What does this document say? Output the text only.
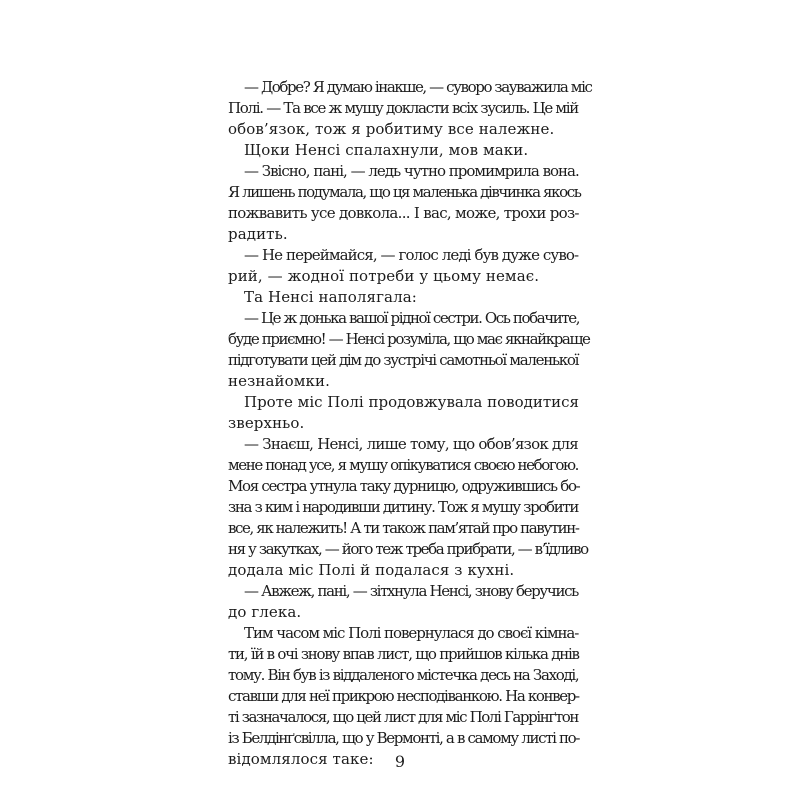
— Добре? Я думаю інакше, — суворо зауважила міс
Полі. — Та все ж мушу докласти всіх зусиль. Це мій
обов’язок, тож я робитиму все належне.
Щоки Ненсі спалахнули, мов маки.
— Звісно, пані, — ледь чутно промимрила вона.
Я лишень подумала, що ця маленька дівчинка якось
пожвавить усе довкола... І вас, може, трохи роз-
радить.
— Не переймайся, — голос леді був дуже суво-
рий, — жодної потреби у цьому немає.
Та Ненсі наполягала:
— Це ж донька вашої рідної сестри. Ось побачите,
буде приємно! — Ненсі розуміла, що має якнайкраще
підготувати цей дім до зустрічі самотньої маленької
незнайомки.
Проте міс Полі продовжувала поводитися
зверхньо.
— Знаєш, Ненсі, лише тому, що обов’язок для
мене понад усе, я мушу опікуватися своєю небогою.
Моя сестра утнула таку дурницю, одружившись бо-
зна з ким і народивши дитину. Тож я мушу зробити
все, як належить! А ти також пам’ятай про павутин-
ня у закутках, — його теж треба прибрати, — в’їдливо
додала міс Полі й подалася з кухні.
— Авжеж, пані, — зітхнула Ненсі, знову беручись
до глека.
Тим часом міс Полі повернулася до своєї кімна-
ти, їй в очі знову впав лист, що прийшов кілька днів
тому. Він був із віддаленого містечка десь на Заході,
ставши для неї прикрою несподіванкою. На конвер-
ті зазначалося, що цей лист для міс Полі Гаррінґтон
із Белдінґсвілла, що у Вермонті, а в самому листі по-
відомлялося таке:	9
